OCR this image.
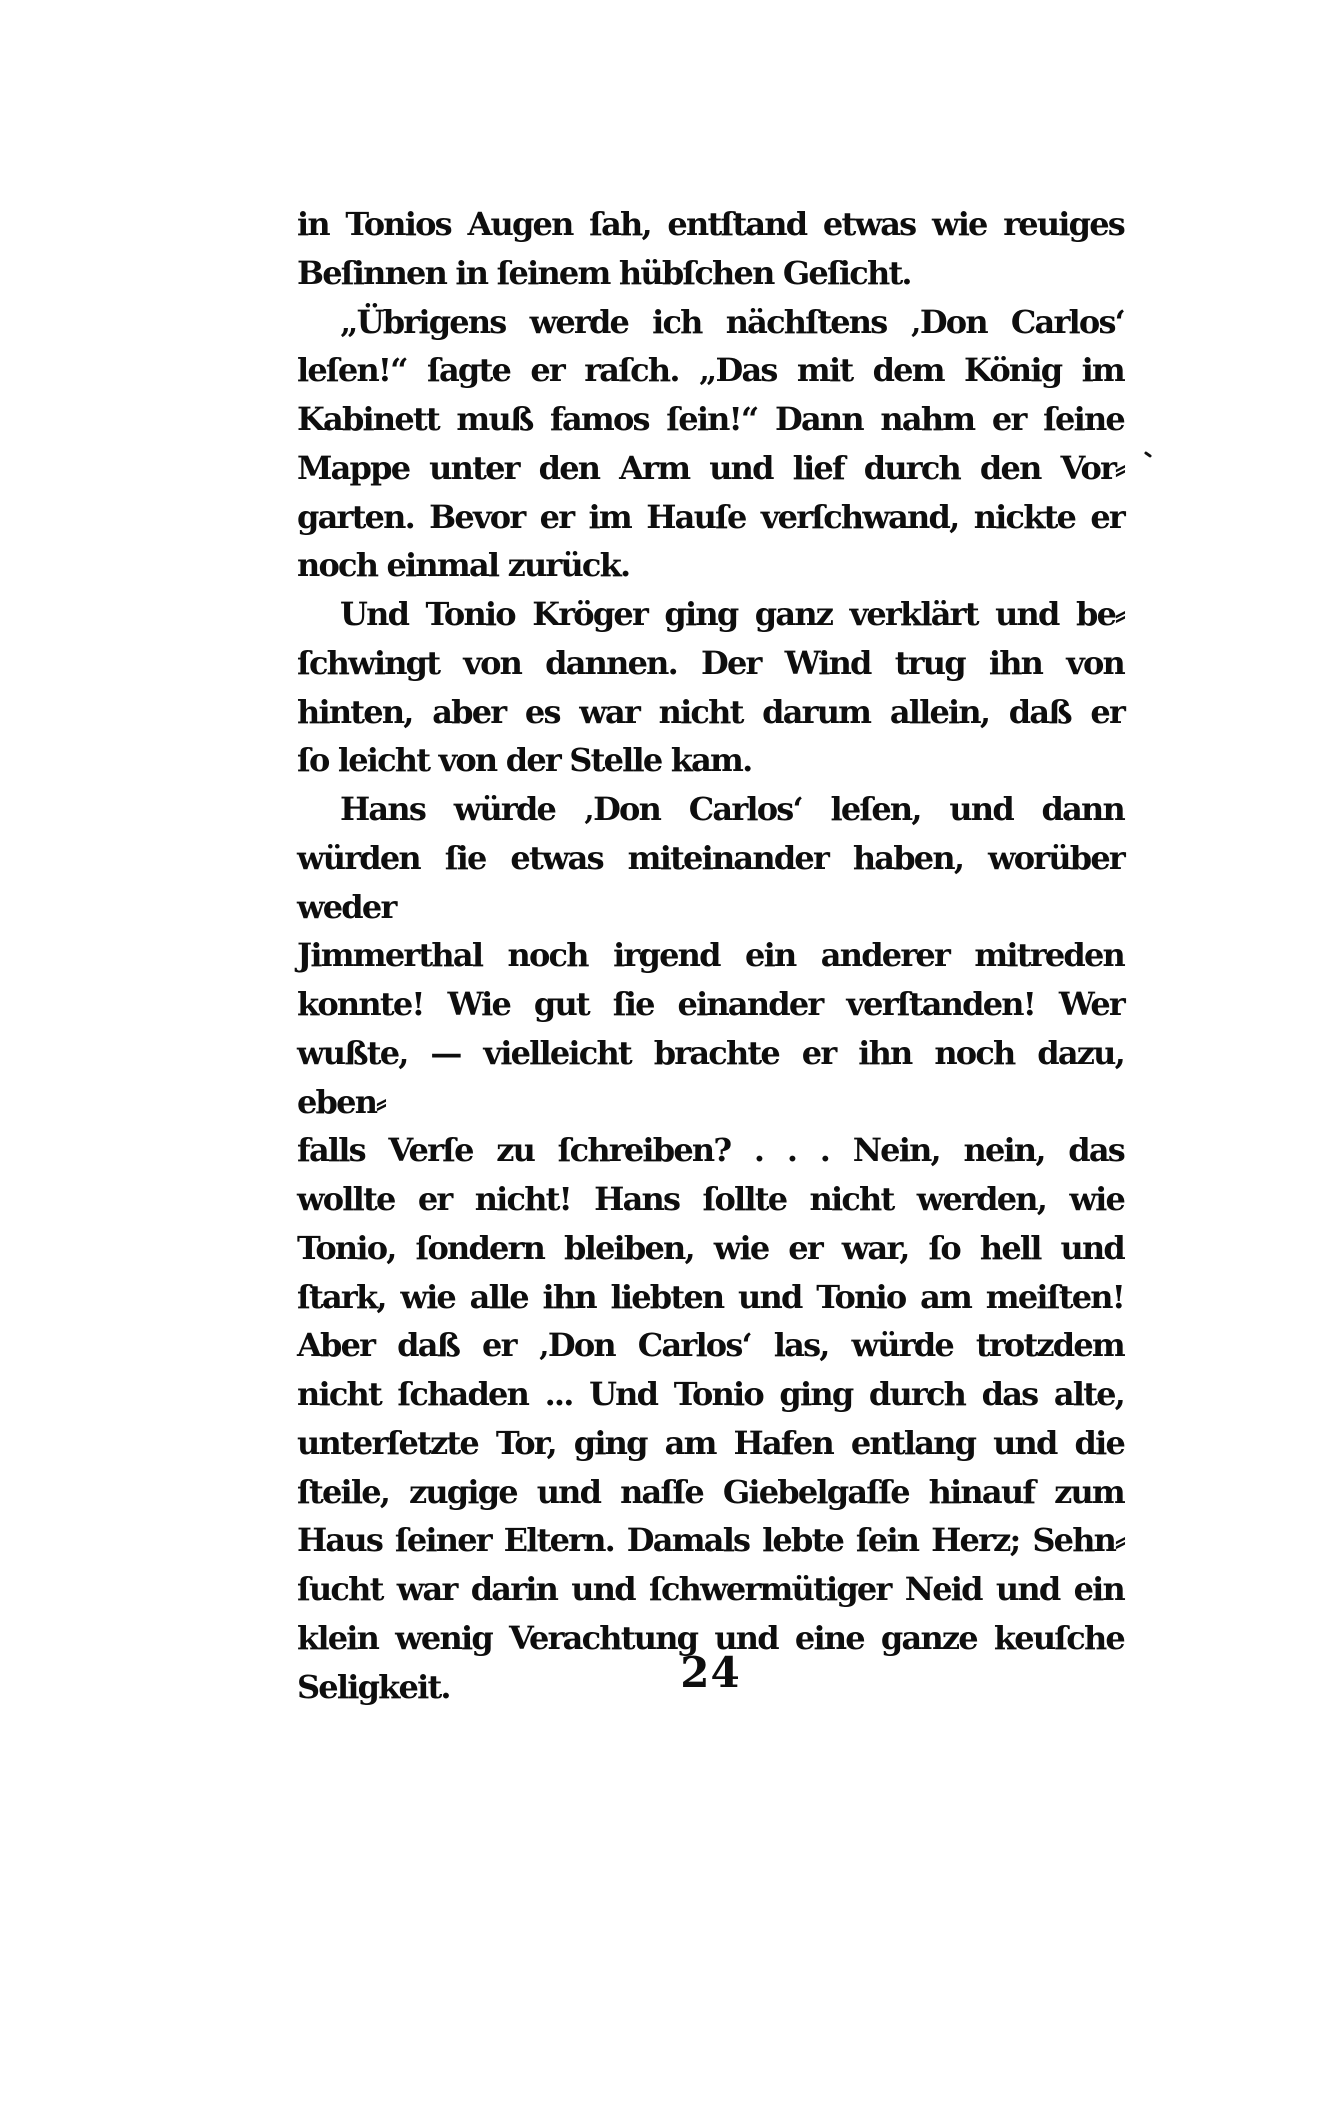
in Tonios Augen ſah, entſtand etwas wie reuiges
Beſinnen in ſeinem hübſchen Geſicht.
„Übrigens werde ich nächſtens ‚Don Carlos‘
leſen!“ ſagte er raſch. „Das mit dem König im
Kabinett muß famos ſein!“ Dann nahm er ſeine
Mappe unter den Arm und lief durch den Vor⸗
garten. Bevor er im Hauſe verſchwand, nickte er
noch einmal zurück.
Und Tonio Kröger ging ganz verklärt und be⸗
ſchwingt von dannen. Der Wind trug ihn von
hinten, aber es war nicht darum allein, daß er
ſo leicht von der Stelle kam.
Hans würde ‚Don Carlos‘ leſen, und dann
würden ſie etwas miteinander haben, worüber weder
Jimmerthal noch irgend ein anderer mitreden
konnte! Wie gut ſie einander verſtanden! Wer
wußte, — vielleicht brachte er ihn noch dazu, eben⸗
falls Verſe zu ſchreiben? . . . Nein, nein, das
wollte er nicht! Hans ſollte nicht werden, wie
Tonio, ſondern bleiben, wie er war, ſo hell und
ſtark, wie alle ihn liebten und Tonio am meiſten!
Aber daß er ‚Don Carlos‘ las, würde trotzdem
nicht ſchaden ... Und Tonio ging durch das alte,
unterſetzte Tor, ging am Hafen entlang und die
ſteile, zugige und naſſe Giebelgaſſe hinauf zum
Haus ſeiner Eltern. Damals lebte ſein Herz; Sehn⸗
ſucht war darin und ſchwermütiger Neid und ein
klein wenig Verachtung und eine ganze keuſche
Seligkeit.	24
